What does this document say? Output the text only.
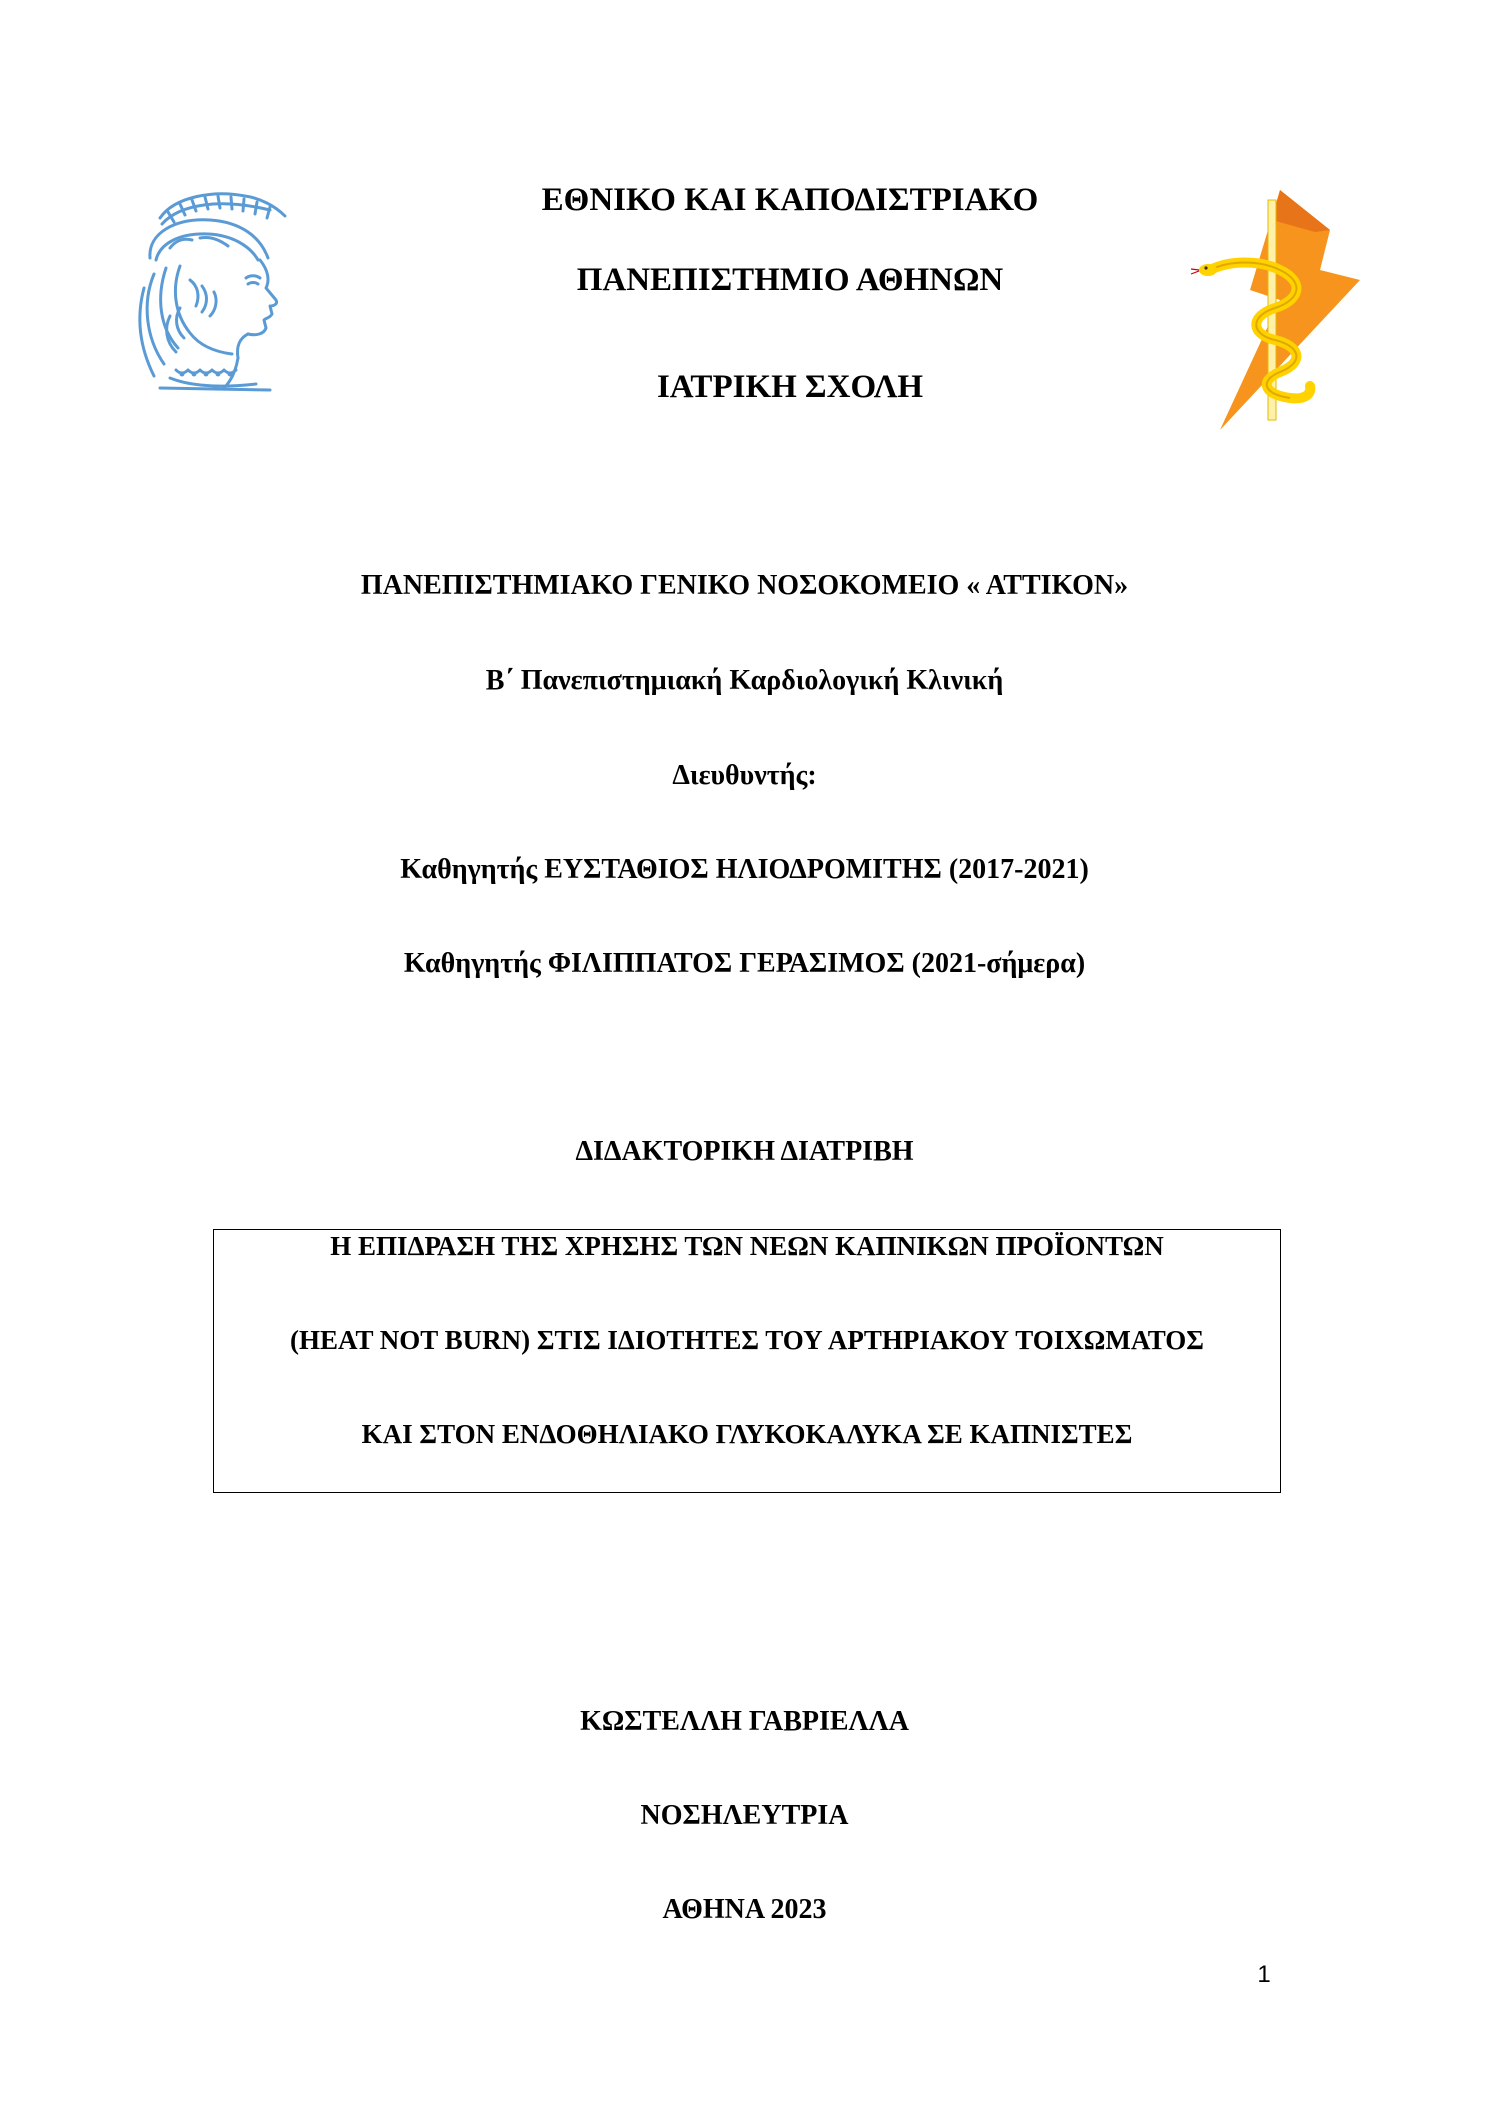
ΕΘΝΙΚΟ ΚΑΙ ΚΑΠΟΔΙΣΤΡΙΑΚΟ
ΠΑΝΕΠΙΣΤΗΜΙΟ ΑΘΗΝΩΝ
ΙΑΤΡΙΚΗ ΣΧΟΛΗ
ΠΑΝΕΠΙΣΤΗΜΙΑΚΟ ΓΕΝΙΚΟ ΝΟΣΟΚΟΜΕΙΟ « ΑΤΤΙΚΟΝ»
Β΄ Πανεπιστημιακή Καρδιολογική Κλινική
Διευθυντής:
Καθηγητής ΕΥΣΤΑΘΙΟΣ ΗΛΙΟΔΡΟΜΙΤΗΣ (2017-2021)
Καθηγητής ΦΙΛΙΠΠΑΤΟΣ ΓΕΡΑΣΙΜΟΣ (2021-σήμερα)
ΔΙΔΑΚΤΟΡΙΚΗ ΔΙΑΤΡΙΒΗ
Η ΕΠΙΔΡΑΣΗ ΤΗΣ ΧΡΗΣΗΣ ΤΩΝ ΝΕΩΝ ΚΑΠΝΙΚΩΝ ΠΡΟΪΟΝΤΩΝ
(HEAT NOT BURN) ΣΤΙΣ ΙΔΙΟΤΗΤΕΣ ΤΟΥ ΑΡΤΗΡΙΑΚΟΥ ΤΟΙΧΩΜΑΤΟΣ
ΚΑΙ ΣΤΟΝ ΕΝΔΟΘΗΛΙΑΚΟ ΓΛΥΚΟΚΑΛΥΚΑ ΣΕ ΚΑΠΝΙΣΤΕΣ
ΚΩΣΤΕΛΛΗ ΓΑΒΡΙΕΛΛΑ
ΝΟΣΗΛΕΥΤΡΙΑ
ΑΘΗΝΑ 2023
1
